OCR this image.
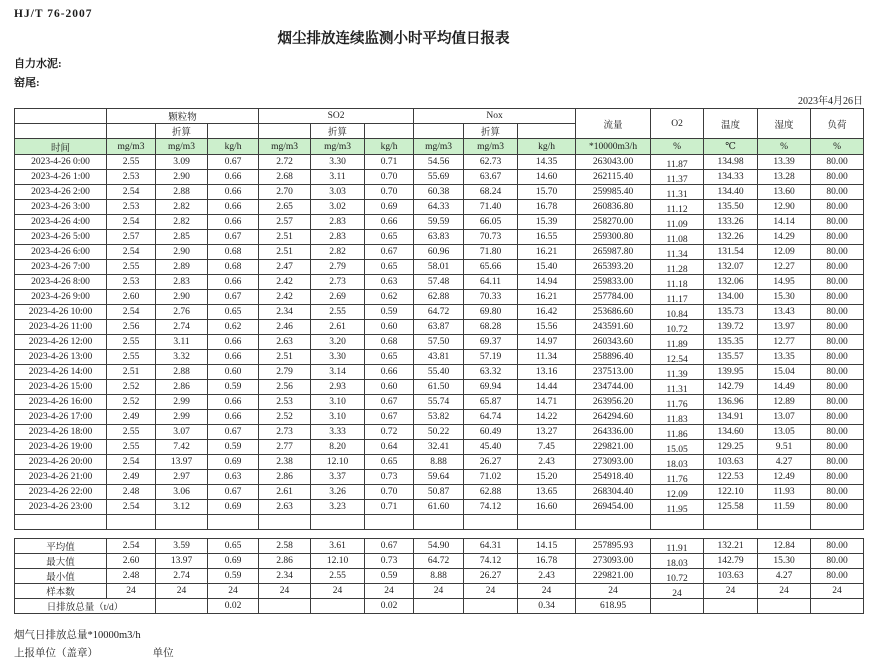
HJ/T 76-2007
烟尘排放连续监测小时平均值日报表
自力水泥:
窑尾:
2023年4月26日
	颗粒物			SO2			Nox			流量	O2	温度	湿度	负荷
		折算			折算			折算						
时间	mg/m3	mg/m3	kg/h	mg/m3	mg/m3	kg/h	mg/m3	mg/m3	kg/h	*10000m3/h	%	℃	%	%
2023-4-26 0:00	2.55	3.09	0.67	2.72	3.30	0.71	54.56	62.73	14.35	263043.00	11.87	134.98	13.39	80.00
2023-4-26 1:00	2.53	2.90	0.66	2.68	3.11	0.70	55.69	63.67	14.60	262115.40	11.37	134.33	13.28	80.00
2023-4-26 2:00	2.54	2.88	0.66	2.70	3.03	0.70	60.38	68.24	15.70	259985.40	11.31	134.40	13.60	80.00
2023-4-26 3:00	2.53	2.82	0.66	2.65	3.02	0.69	64.33	71.40	16.78	260836.80	11.12	135.50	12.90	80.00
2023-4-26 4:00	2.54	2.82	0.66	2.57	2.83	0.66	59.59	66.05	15.39	258270.00	11.09	133.26	14.14	80.00
2023-4-26 5:00	2.57	2.85	0.67	2.51	2.83	0.65	63.83	70.73	16.55	259300.80	11.08	132.26	14.29	80.00
2023-4-26 6:00	2.54	2.90	0.68	2.51	2.82	0.67	60.96	71.80	16.21	265987.80	11.34	131.54	12.09	80.00
2023-4-26 7:00	2.55	2.89	0.68	2.47	2.79	0.65	58.01	65.66	15.40	265393.20	11.28	132.07	12.27	80.00
2023-4-26 8:00	2.53	2.83	0.66	2.42	2.73	0.63	57.48	64.11	14.94	259833.00	11.18	132.06	14.95	80.00
2023-4-26 9:00	2.60	2.90	0.67	2.42	2.69	0.62	62.88	70.33	16.21	257784.00	11.17	134.00	15.30	80.00
2023-4-26 10:00	2.54	2.76	0.65	2.34	2.55	0.59	64.72	69.80	16.42	253686.60	10.84	135.73	13.43	80.00
2023-4-26 11:00	2.56	2.74	0.62	2.46	2.61	0.60	63.87	68.28	15.56	243591.60	10.72	139.72	13.97	80.00
2023-4-26 12:00	2.55	3.11	0.66	2.63	3.20	0.68	57.50	69.37	14.97	260343.60	11.89	135.35	12.77	80.00
2023-4-26 13:00	2.55	3.32	0.66	2.51	3.30	0.65	43.81	57.19	11.34	258896.40	12.54	135.57	13.35	80.00
2023-4-26 14:00	2.51	2.88	0.60	2.79	3.14	0.66	55.40	63.32	13.16	237513.00	11.39	139.95	15.04	80.00
2023-4-26 15:00	2.52	2.86	0.59	2.56	2.93	0.60	61.50	69.94	14.44	234744.00	11.31	142.79	14.49	80.00
2023-4-26 16:00	2.52	2.99	0.66	2.53	3.10	0.67	55.74	65.87	14.71	263956.20	11.76	136.96	12.89	80.00
2023-4-26 17:00	2.49	2.99	0.66	2.52	3.10	0.67	53.82	64.74	14.22	264294.60	11.83	134.91	13.07	80.00
2023-4-26 18:00	2.55	3.07	0.67	2.73	3.33	0.72	50.22	60.49	13.27	264336.00	11.86	134.60	13.05	80.00
2023-4-26 19:00	2.55	7.42	0.59	2.77	8.20	0.64	32.41	45.40	7.45	229821.00	15.05	129.25	9.51	80.00
2023-4-26 20:00	2.54	13.97	0.69	2.38	12.10	0.65	8.88	26.27	2.43	273093.00	18.03	103.63	4.27	80.00
2023-4-26 21:00	2.49	2.97	0.63	2.86	3.37	0.73	59.64	71.02	15.20	254918.40	11.76	122.53	12.49	80.00
2023-4-26 22:00	2.48	3.06	0.67	2.61	3.26	0.70	50.87	62.88	13.65	268304.40	12.09	122.10	11.93	80.00
2023-4-26 23:00	2.54	3.12	0.69	2.63	3.23	0.71	61.60	74.12	16.60	269454.00	11.95	125.58	11.59	80.00

平均值	2.54	3.59	0.65	2.58	3.61	0.67	54.90	64.31	14.15	257895.93	11.91	132.21	12.84	80.00
最大值	2.60	13.97	0.69	2.86	12.10	0.73	64.72	74.12	16.78	273093.00	18.03	142.79	15.30	80.00
最小值	2.48	2.74	0.59	2.34	2.55	0.59	8.88	26.27	2.43	229821.00	10.72	103.63	4.27	80.00
样本数	24	24	24	24	24	24	24	24	24	24	24	24	24	24
日排放总量（t/d）			0.02			0.02			0.34	618.95				
烟气日排放总量*10000m3/h
上报单位（盖章）	单位
